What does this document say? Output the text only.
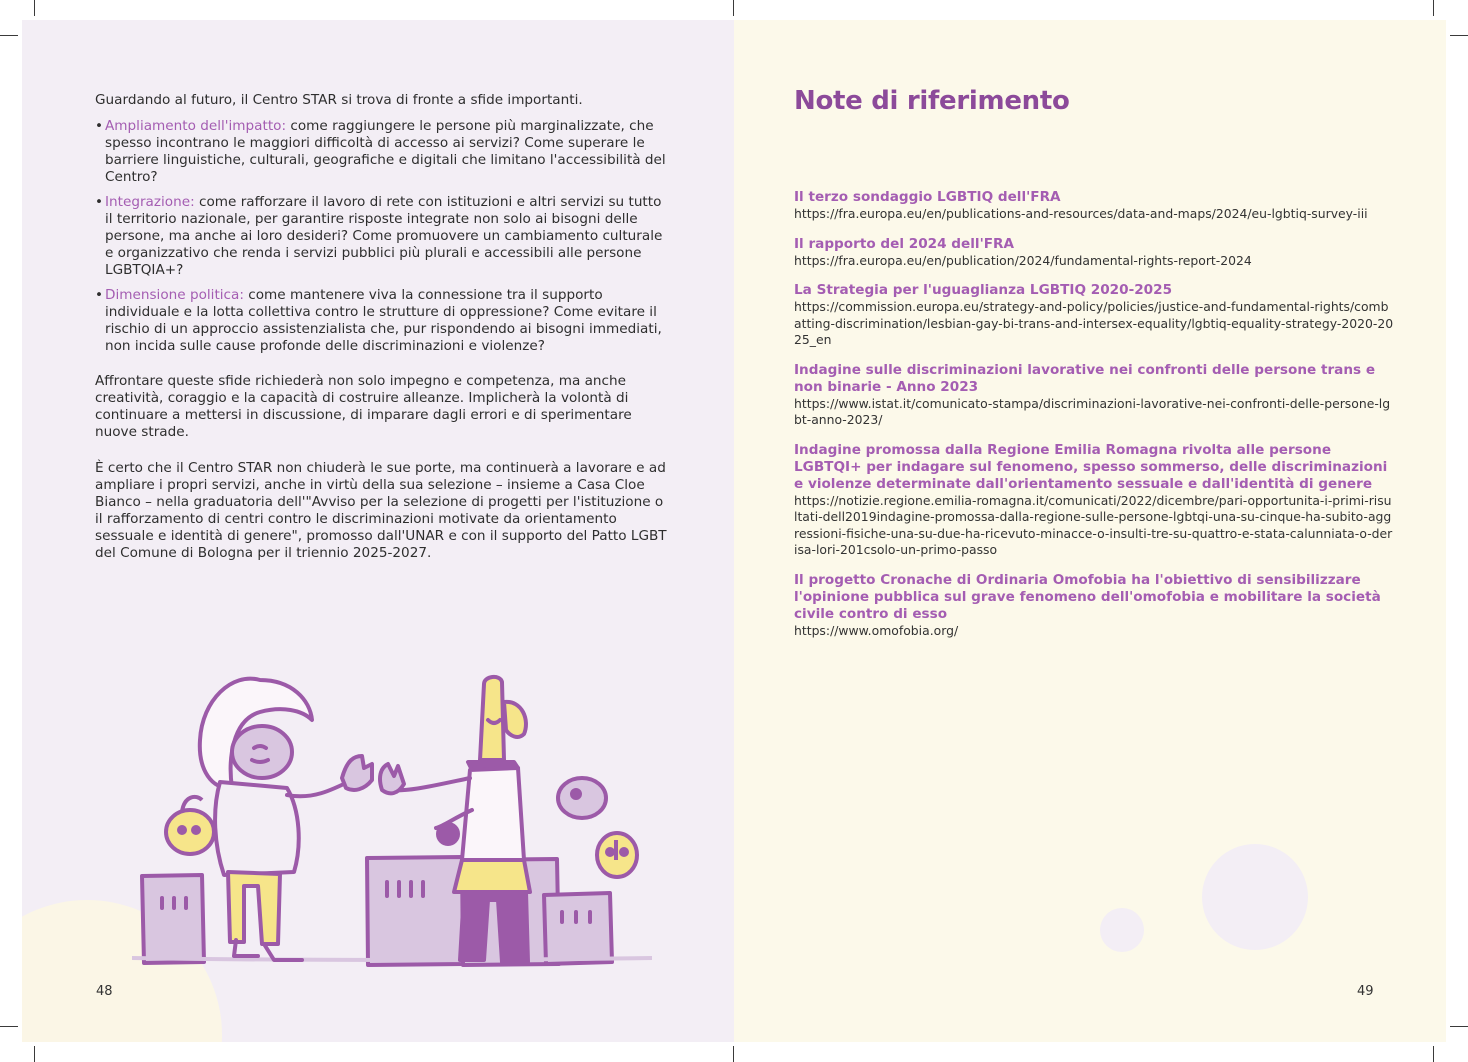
Guardando al futuro, il Centro STAR si trova di fronte a sfide importanti.

• Ampliamento dell'impatto: come raggiungere le persone più marginalizzate, che spesso incontrano le maggiori difficoltà di accesso ai servizi? Come superare le barriere linguistiche, culturali, geografiche e digitali che limitano l'accessibilità del Centro?
• Integrazione: come rafforzare il lavoro di rete con istituzioni e altri servizi su tutto il territorio nazionale, per garantire risposte integrate non solo ai bisogni delle persone, ma anche ai loro desideri? Come promuovere un cambiamento culturale e organizzativo che renda i servizi pubblici più plurali e accessibili alle persone LGBTQIA+?
• Dimensione politica: come mantenere viva la connessione tra il supporto individuale e la lotta collettiva contro le strutture di oppressione? Come evitare il rischio di un approccio assistenzialista che, pur rispondendo ai bisogni immediati, non incida sulle cause profonde delle discriminazioni e violenze?

Affrontare queste sfide richiederà non solo impegno e competenza, ma anche creatività, coraggio e la capacità di costruire alleanze. Implicherà la volontà di continuare a mettersi in discussione, di imparare dagli errori e di sperimentare nuove strade.

È certo che il Centro STAR non chiuderà le sue porte, ma continuerà a lavorare e ad ampliare i propri servizi, anche in virtù della sua selezione – insieme a Casa Cloe Bianco – nella graduatoria dell'"Avviso per la selezione di progetti per l'istituzione o il rafforzamento di centri contro le discriminazioni motivate da orientamento sessuale e identità di genere", promosso dall'UNAR e con il supporto del Patto LGBT del Comune di Bologna per il triennio 2025-2027.

48
Note di riferimento
Il terzo sondaggio LGBTIQ dell'FRA
https://fra.europa.eu/en/publications-and-resources/data-and-maps/2024/eu-lgbtiq-survey-iii
Il rapporto del 2024 dell'FRA
https://fra.europa.eu/en/publication/2024/fundamental-rights-report-2024
La Strategia per l'uguaglianza LGBTIQ 2020-2025
https://commission.europa.eu/strategy-and-policy/policies/justice-and-fundamental-rights/combatting-discrimination/lesbian-gay-bi-trans-and-intersex-equality/lgbtiq-equality-strategy-2020-2025_en
Indagine sulle discriminazioni lavorative nei confronti delle persone trans e non binarie - Anno 2023
https://www.istat.it/comunicato-stampa/discriminazioni-lavorative-nei-confronti-delle-persone-lgbt-anno-2023/
Indagine promossa dalla Regione Emilia Romagna rivolta alle persone LGBTQI+ per indagare sul fenomeno, spesso sommerso, delle discriminazioni e violenze determinate dall'orientamento sessuale e dall'identità di genere
https://notizie.regione.emilia-romagna.it/comunicati/2022/dicembre/pari-opportunita-i-primi-risultati-dell2019indagine-promossa-dalla-regione-sulle-persone-lgbtqi-una-su-cinque-ha-subito-aggressioni-fisiche-una-su-due-ha-ricevuto-minacce-o-insulti-tre-su-quattro-e-stata-calunniata-o-derisa-lori-201csolo-un-primo-passo
Il progetto Cronache di Ordinaria Omofobia ha l'obiettivo di sensibilizzare l'opinione pubblica sul grave fenomeno dell'omofobia e mobilitare la società civile contro di esso
https://www.omofobia.org/
49
